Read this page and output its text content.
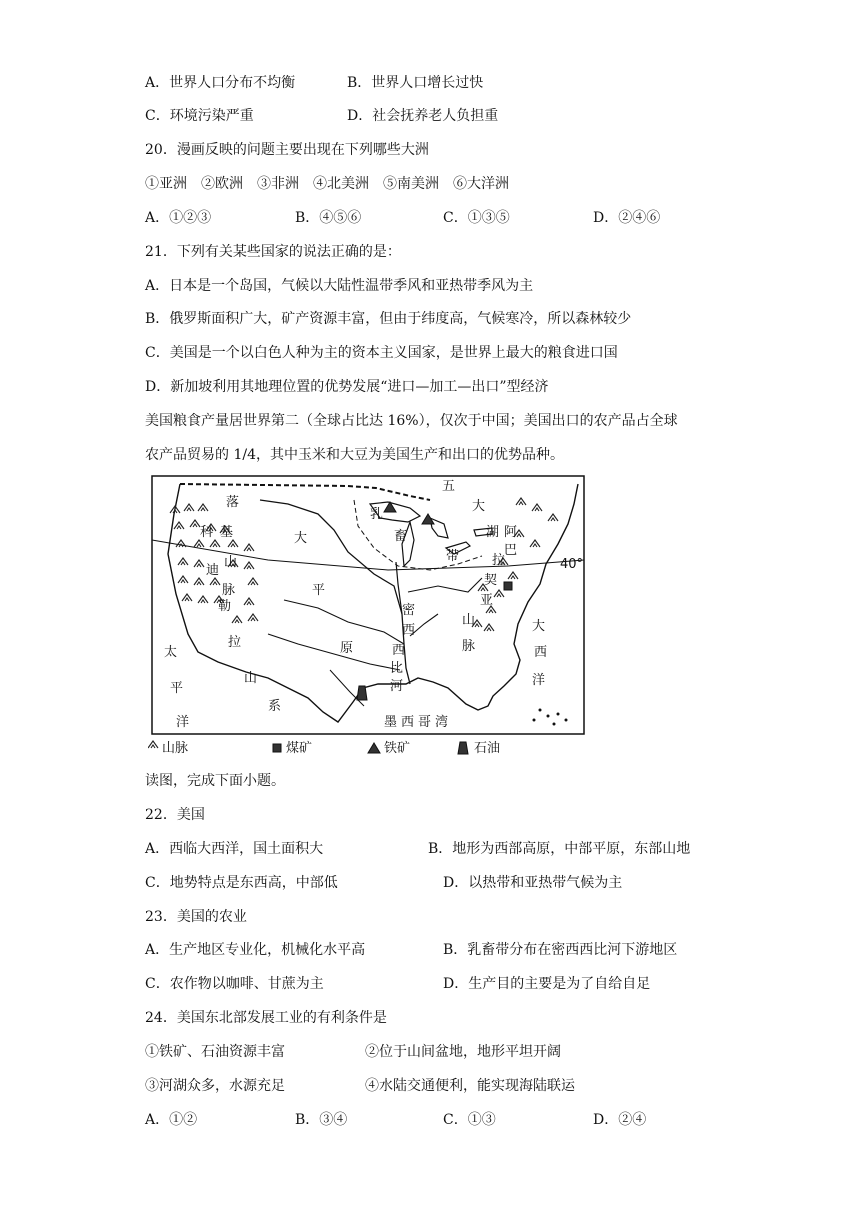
A．世界人口分布不均衡	B．世界人口增长过快
C．环境污染严重	D．社会抚养老人负担重
20．漫画反映的问题主要出现在下列哪些大洲
①亚洲　②欧洲　③非洲　④北美洲　⑤南美洲　⑥大洋洲
A．①②③	B．④⑤⑥	C．①③⑤	D．②④⑥
21．下列有关某些国家的说法正确的是：
A．日本是一个岛国，气候以大陆性温带季风和亚热带季风为主
B．俄罗斯面积广大，矿产资源丰富，但由于纬度高，气候寒冷，所以森林较少
C．美国是一个以白色人种为主的资本主义国家，是世界上最大的粮食进口国
D．新加坡利用其地理位置的优势发展“进口—加工—出口”型经济
美国粮食产量居世界第二（全球占比达 16%），仅次于中国；美国出口的农产品占全球
农产品贸易的 1/4，其中玉米和大豆为美国生产和出口的优势品种。
落
基
科
山
迪
脉
勒
拉
山
系
大
平
原
太
平
洋
大
西
洋
墨西哥湾
五
大
湖
乳
畜
带
阿
巴
拉
契
亚
山
脉
密
西
西
比
河
40°
山脉	煤矿	铁矿	石油
读图，完成下面小题。
22．美国
A．西临大西洋，国土面积大	B．地形为西部高原，中部平原，东部山地
C．地势特点是东西高，中部低	D．以热带和亚热带气候为主
23．美国的农业
A．生产地区专业化，机械化水平高	B．乳畜带分布在密西西比河下游地区
C．农作物以咖啡、甘蔗为主	D．生产目的主要是为了自给自足
24．美国东北部发展工业的有利条件是
①铁矿、石油资源丰富	②位于山间盆地，地形平坦开阔
③河湖众多，水源充足	④水陆交通便利，能实现海陆联运
A．①②	B．③④	C．①③	D．②④
